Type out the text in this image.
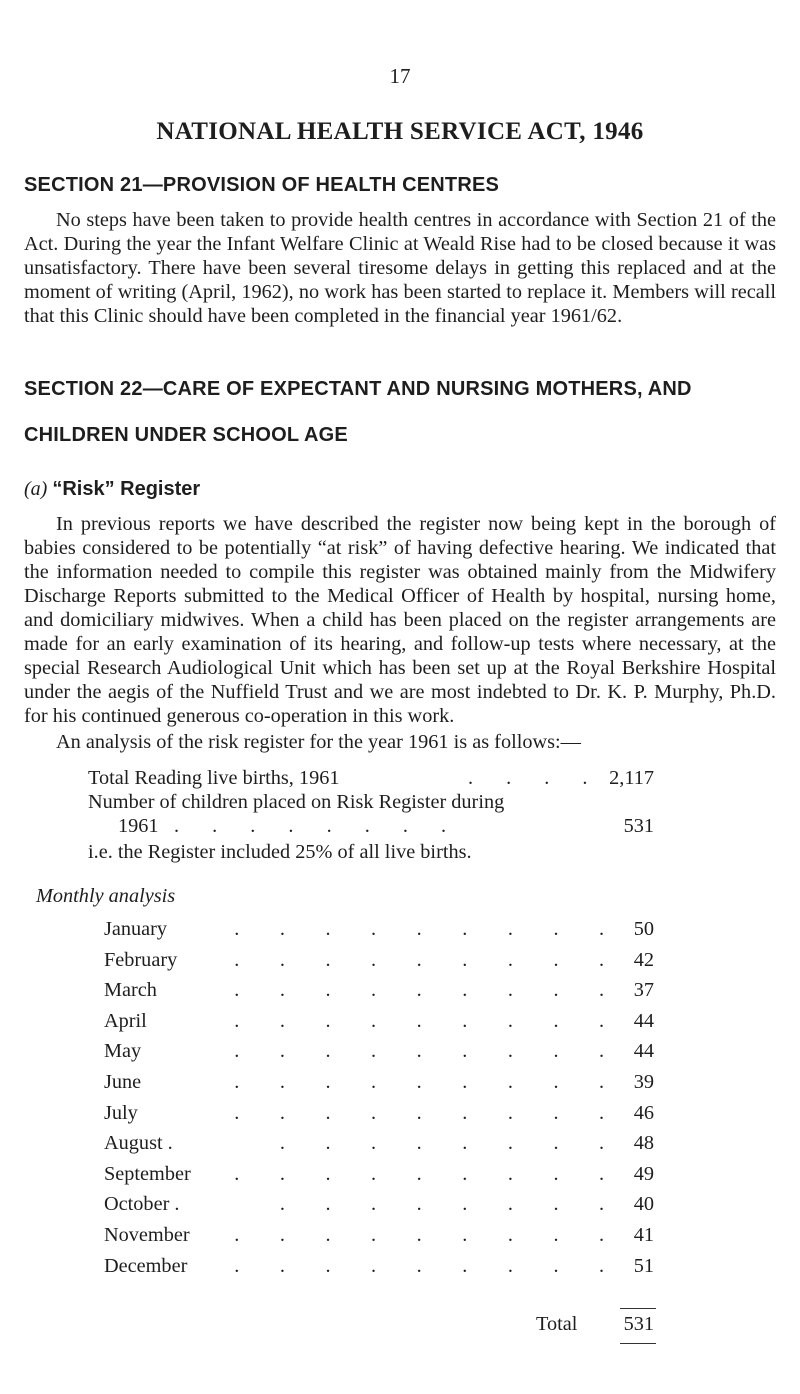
17
NATIONAL HEALTH SERVICE ACT, 1946
SECTION 21—PROVISION OF HEALTH CENTRES

No steps have been taken to provide health centres in accordance with Section 21 of the Act. During the year the Infant Welfare Clinic at Weald Rise had to be closed because it was unsatisfactory. There have been several tiresome delays in getting this replaced and at the moment of writing (April, 1962), no work has been started to replace it. Members will recall that this Clinic should have been completed in the financial year 1961/62.

SECTION 22—CARE OF EXPECTANT AND NURSING MOTHERS, AND
CHILDREN UNDER SCHOOL AGE
(a) “Risk” Register

In previous reports we have described the register now being kept in the borough of babies considered to be potentially “at risk” of having defective hearing. We indicated that the information needed to compile this register was obtained mainly from the Midwifery Discharge Reports submitted to the Medical Officer of Health by hospital, nursing home, and domiciliary midwives. When a child has been placed on the register arrangements are made for an early examination of its hearing, and follow-up tests where necessary, at the special Research Audiological Unit which has been set up at the Royal Berkshire Hospital under the aegis of the Nuffield Trust and we are most indebted to Dr. K. P. Murphy, Ph.D. for his continued generous co-operation in this work.

An analysis of the risk register for the year 1961 is as follows:—

Total Reading live births, 1961	. . . . 2,117
Number of children placed on Risk Register during
1961 . . . . . . . .	531
i.e. the Register included 25% of all live births.
Monthly analysis
January	.	.	.	.	.	.	.	.	.	50
February	.	.	.	.	.	.	.	.	.	42
March	.	.	.	.	.	.	.	.	.	37
April	.	.	.	.	.	.	.	.	.	44
May	.	.	.	.	.	.	.	.	.	44
June	.	.	.	.	.	.	.	.	.	39
July	.	.	.	.	.	.	.	.	.	46
August .	.	.	.	.	.	.	.	.	48
September	.	.	.	.	.	.	.	.	.	49
October .	.	.	.	.	.	.	.	.	40
November	.	.	.	.	.	.	.	.	.	41
December	.	.	.	.	.	.	.	.	.	51
Total	531
